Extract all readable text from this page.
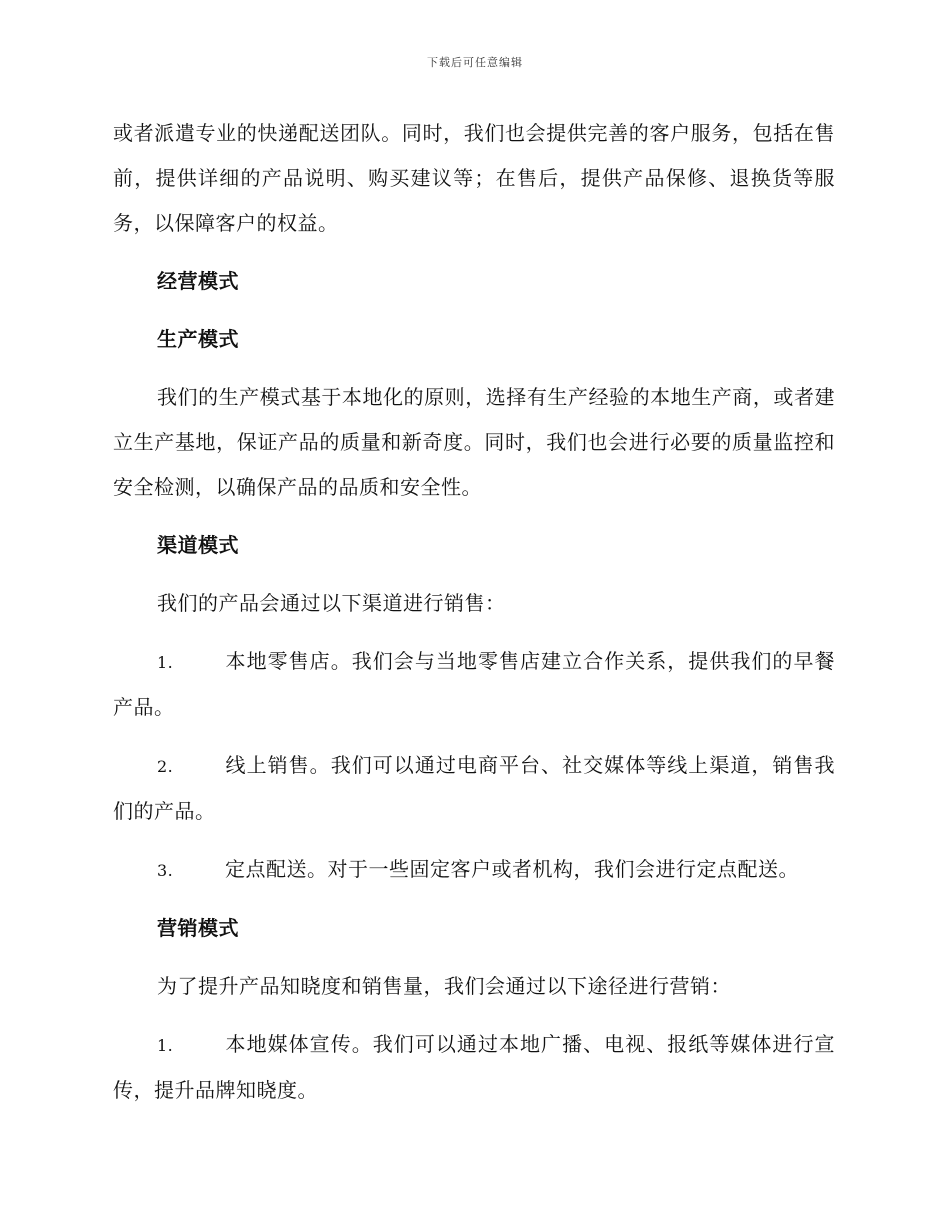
下载后可任意编辑

或者派遣专业的快递配送团队。同时，我们也会提供完善的客户服务，包括在售前，提供详细的产品说明、购买建议等；在售后，提供产品保修、退换货等服务，以保障客户的权益。

经营模式

生产模式

我们的生产模式基于本地化的原则，选择有生产经验的本地生产商，或者建立生产基地，保证产品的质量和新奇度。同时，我们也会进行必要的质量监控和安全检测，以确保产品的品质和安全性。

渠道模式

我们的产品会通过以下渠道进行销售：

1.	本地零售店。我们会与当地零售店建立合作关系，提供我们的早餐产品。

2.	线上销售。我们可以通过电商平台、社交媒体等线上渠道，销售我们的产品。

3.	定点配送。对于一些固定客户或者机构，我们会进行定点配送。

营销模式

为了提升产品知晓度和销售量，我们会通过以下途径进行营销：

1.	本地媒体宣传。我们可以通过本地广播、电视、报纸等媒体进行宣传，提升品牌知晓度。
